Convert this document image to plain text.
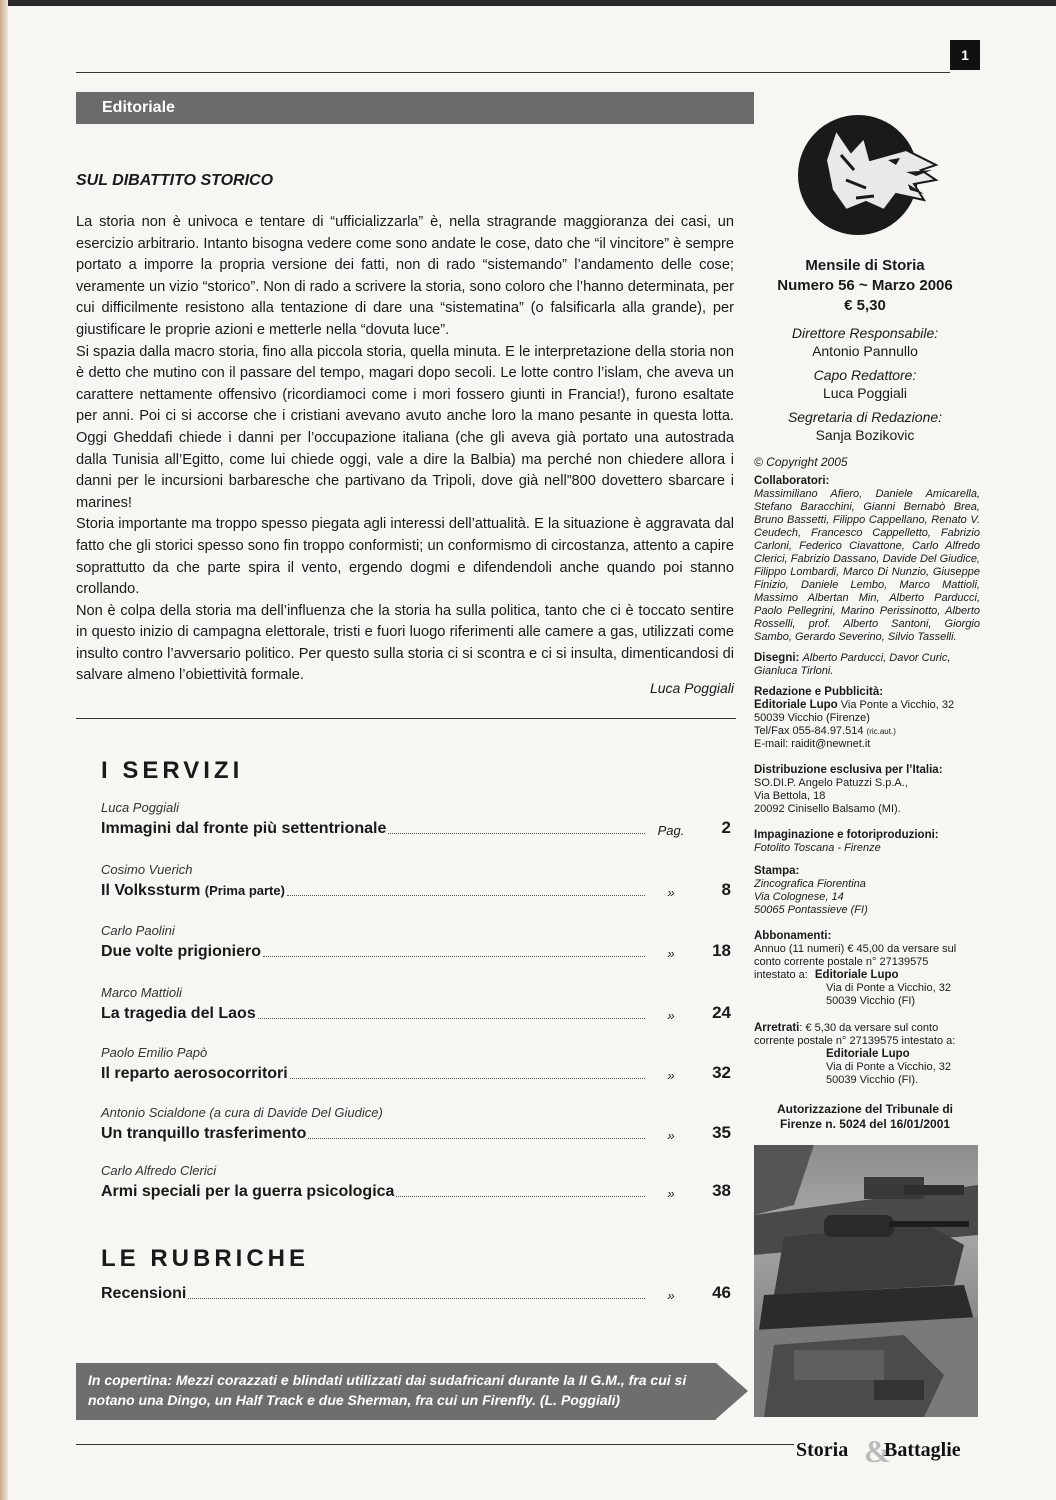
1
Editoriale
SUL DIBATTITO STORICO

La storia non è univoca e tentare di “ufficializzarla” è, nella stragrande maggioranza dei casi, un esercizio arbitrario. Intanto bisogna vedere come sono andate le cose, dato che “il vincitore” è sempre portato a imporre la propria versione dei fatti, non di rado “sistemando” l’andamento delle cose; veramente un vizio “storico”. Non di rado a scrivere la storia, sono coloro che l’hanno determinata, per cui difficilmente resistono alla tentazione di dare una “sistematina” (o falsificarla alla grande), per giustificare le proprie azioni e metterle nella “dovuta luce”.

Si spazia dalla macro storia, fino alla piccola storia, quella minuta. E le interpretazione della storia non è detto che mutino con il passare del tempo, magari dopo secoli. Le lotte contro l’islam, che aveva un carattere nettamente offensivo (ricordiamoci come i mori fossero giunti in Francia!), furono esaltate per anni. Poi ci si accorse che i cristiani avevano avuto anche loro la mano pesante in questa lotta. Oggi Gheddafi chiede i danni per l’occupazione italiana (che gli aveva già portato una autostrada dalla Tunisia all’Egitto, come lui chiede oggi, vale a dire la Balbia) ma perché non chiedere allora i danni per le incursioni barbaresche che partivano da Tripoli, dove già nell”800 dovettero sbarcare i marines!

Storia importante ma troppo spesso piegata agli interessi dell’attualità. E la situazione è aggravata dal fatto che gli storici spesso sono fin troppo conformisti; un conformismo di circostanza, attento a capire soprattutto da che parte spira il vento, ergendo dogmi e difendendoli anche quando poi stanno crollando.

Non è colpa della storia ma dell’influenza che la storia ha sulla politica, tanto che ci è toccato sentire in questo inizio di campagna elettorale, tristi e fuori luogo riferimenti alle camere a gas, utilizzati come insulto contro l’avversario politico. Per questo sulla storia ci si scontra e ci si insulta, dimenticandosi di salvare almeno l’obiettività formale.

Luca Poggiali
I SERVIZI
Luca Poggiali
Immagini dal fronte più settentrionale	Pag.	2
Cosimo Vuerich
Il Volkssturm (Prima parte)	»	8
Carlo Paolini
Due volte prigioniero	»	18
Marco Mattioli
La tragedia del Laos	»	24
Paolo Emilio Papò
Il reparto aerosocorritori	»	32
Antonio Scialdone (a cura di Davide Del Giudice)
Un tranquillo trasferimento	»	35
Carlo Alfredo Clerici
Armi speciali per la guerra psicologica	»	38
LE RUBRICHE
Recensioni	»	46
In copertina: Mezzi corazzati e blindati utilizzati dai sudafricani durante la II G.M., fra cui si notano una Dingo, un Half Track e due Sherman, fra cui un Firenfly. (L. Poggiali)
Mensile di Storia
Numero 56 ~ Marzo 2006
€ 5,30
Direttore Responsabile:
Antonio Pannullo
Capo Redattore:
Luca Poggiali
Segretaria di Redazione:
Sanja Bozikovic
© Copyright 2005
Collaboratori:
Massimiliano Afiero, Daniele Amicarella, Stefano Baracchini, Gianni Bernabò Brea, Bruno Bassetti, Filippo Cappellano, Renato V. Ceudech, Francesco Cappelletto, Fabrizio Carloni, Federico Ciavattone, Carlo Alfredo Clerici, Fabrizio Dassano, Davide Del Giudice, Filippo Lombardi, Marco Di Nunzio, Giuseppe Finizio, Daniele Lembo, Marco Mattioli, Massimo Albertan Min, Alberto Parducci, Paolo Pellegrini, Marino Perissinotto, Alberto Rosselli, prof. Alberto Santoni, Giorgio Sambo, Gerardo Severino, Silvio Tasselli.
Disegni: Alberto Parducci, Davor Curic, Gianluca Tirloni.
Redazione e Pubblicità:
Editoriale Lupo Via Ponte a Vicchio, 32
50039 Vicchio (Firenze)
Tel/Fax 055-84.97.514 (ric.aut.)
E-mail: raidit@newnet.it
Distribuzione esclusiva per l’Italia:
SO.DI.P. Angelo Patuzzi S.p.A.,
Via Bettola, 18
20092 Cinisello Balsamo (MI).
Impaginazione e fotoriproduzioni:
Fotolito Toscana - Firenze
Stampa:
Zincografica Fiorentina
Via Colognese, 14
50065 Pontassieve (FI)
Abbonamenti:
Annuo (11 numeri) € 45,00 da versare sul conto corrente postale n° 27139575
intestato a: Editoriale Lupo
Via di Ponte a Vicchio, 32
50039 Vicchio (FI)
Arretrati: € 5,30 da versare sul conto corrente postale n° 27139575 intestato a:
Editoriale Lupo
Via di Ponte a Vicchio, 32
50039 Vicchio (FI).
Autorizzazione del Tribunale di
Firenze n. 5024 del 16/01/2001
Storia &
Battaglie
